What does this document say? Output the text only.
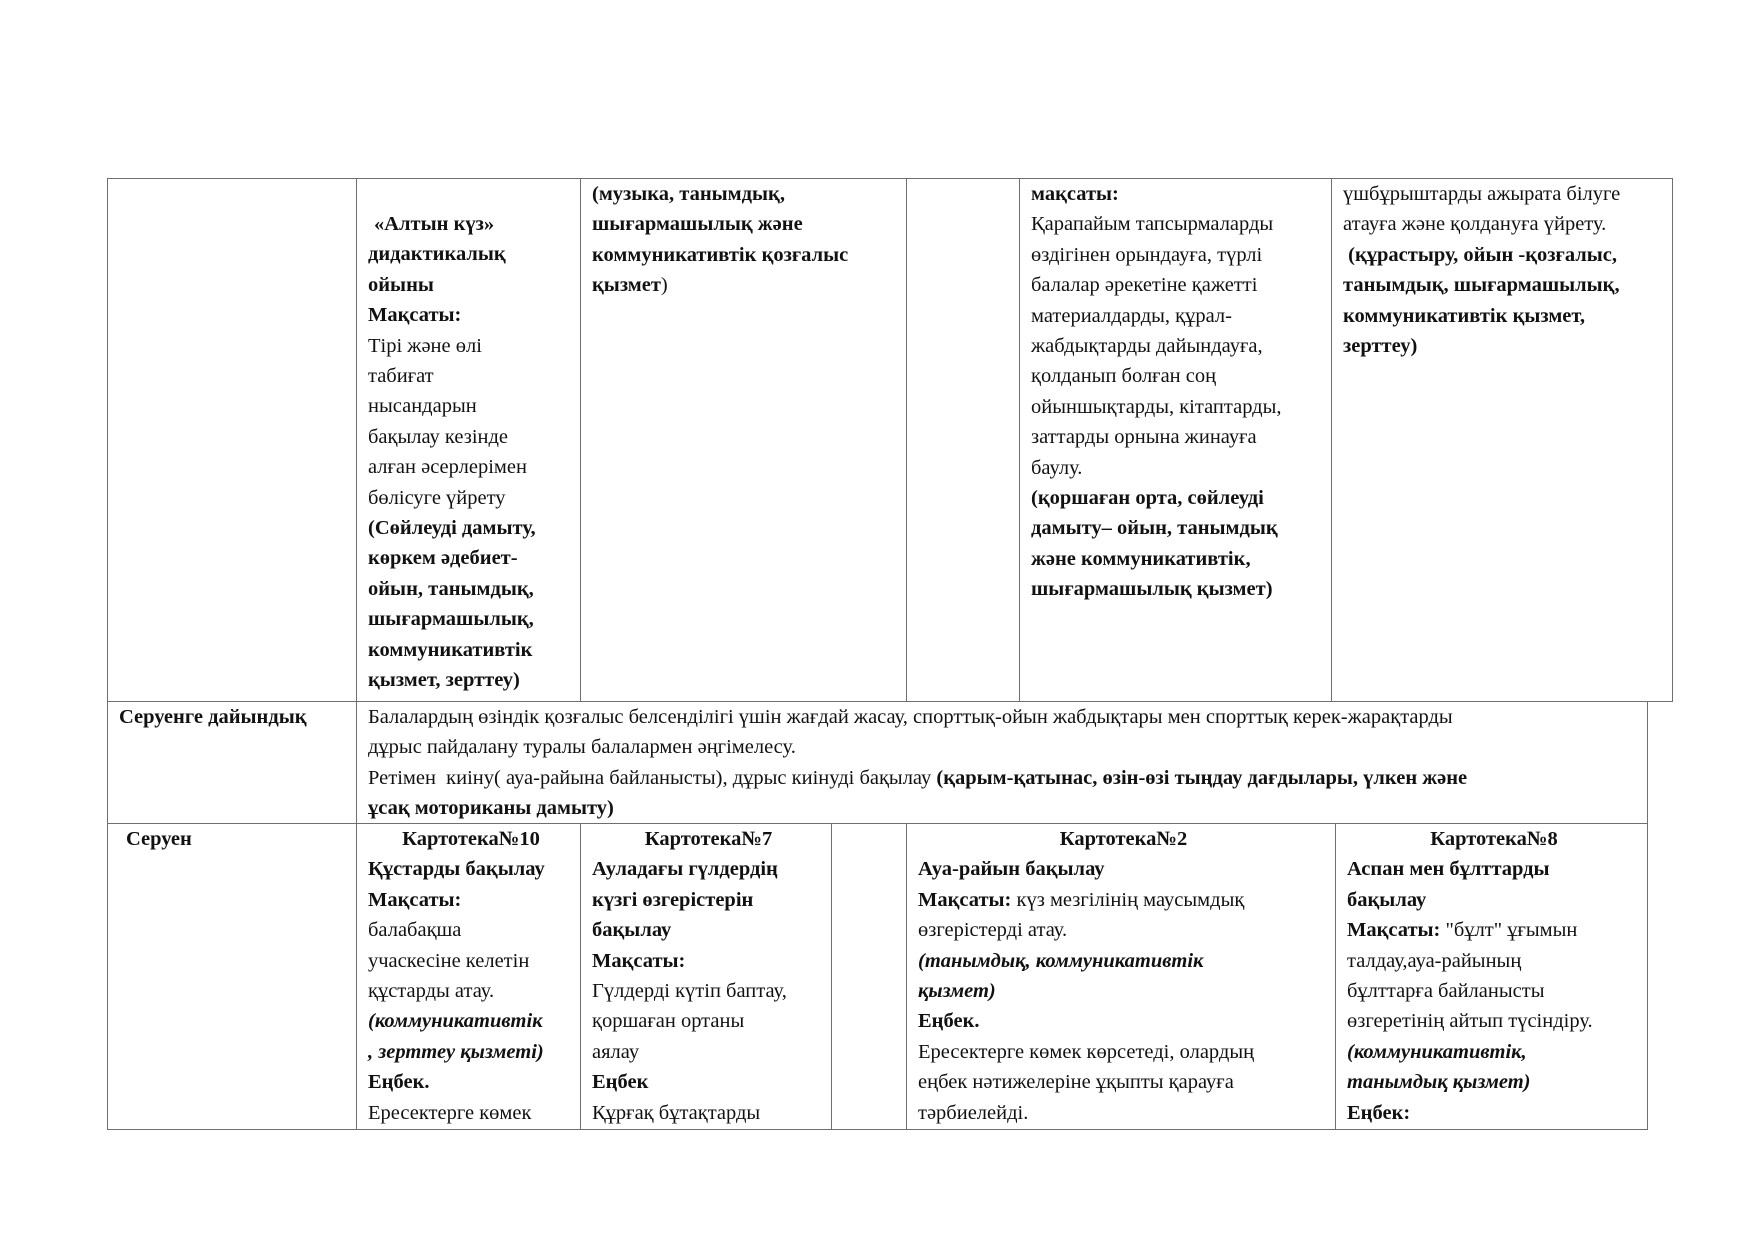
«Алтын күз»
дидактикалық
ойыны
Мақсаты:
Тірі және өлі
табиғат
нысандарын
бақылау кезінде
алған әсерлерімен
бөлісуге үйрету
(Сөйлеуді дамыту,
көркем әдебиет-
ойын, танымдық,
шығармашылық,
коммуникативтік
қызмет, зерттеу)
(музыка, танымдық,
шығармашылық және
коммуникативтік қозғалыс
қызмет)
мақсаты:
Қарапайым тапсырмаларды
өздігінен орындауға, түрлі
балалар әрекетіне қажетті
материалдарды, құрал-
жабдықтарды дайындауға,
қолданып болған соң
ойыншықтарды, кітаптарды,
заттарды орнына жинауға
баулу.
(қоршаған орта, сөйлеуді
дамыту– ойын, танымдық
және коммуникативтік,
шығармашылық қызмет)
үшбұрыштарды ажырата білуге
атауға және қолдануға үйрету.
(құрастыру, ойын -қозғалыс,
танымдық, шығармашылық,
коммуникативтік қызмет,
зерттеу)
Серуенге дайындық	Балалардың өзіндік қозғалыс белсенділігі үшін жағдай жасау, спорттық-ойын жабдықтары мен спорттық керек-жарақтарды
дұрыс пайдалану туралы балалармен әңгімелесу.
Ретімен  киіну( ауа-райына байланысты), дұрыс киінуді бақылау (қарым-қатынас, өзін-өзі тыңдау дағдылары, үлкен және
ұсақ моториканы дамыту)
Серуен	Картотека№10
Құстарды бақылау
Мақсаты:
балабақша
учаскесіне келетін
құстарды атау.
(коммуникативтік
, зерттеу қызметі)
Еңбек.
Ересектерге көмек
Картотека№7
Ауладағы гүлдердің
күзгі өзгерістерін
бақылау
Мақсаты:
Гүлдерді күтіп баптау,
қоршаған ортаны
аялау
Еңбек
Құрғақ бұтақтарды
Картотека№2
Ауа-райын бақылау
Мақсаты: күз мезгілінің маусымдық
өзгерістерді атау.
(танымдық, коммуникативтік
қызмет)
Еңбек.
Ересектерге көмек көрсетеді, олардың
еңбек нәтижелеріне ұқыпты қарауға
тәрбиелейді.
Картотека№8
Аспан мен бұлттарды
бақылау
Мақсаты: "бұлт" ұғымын
талдау,ауа-райының
бұлттарға байланысты
өзгеретінің айтып түсіндіру.
(коммуникативтік,
танымдық қызмет)
Еңбек:
